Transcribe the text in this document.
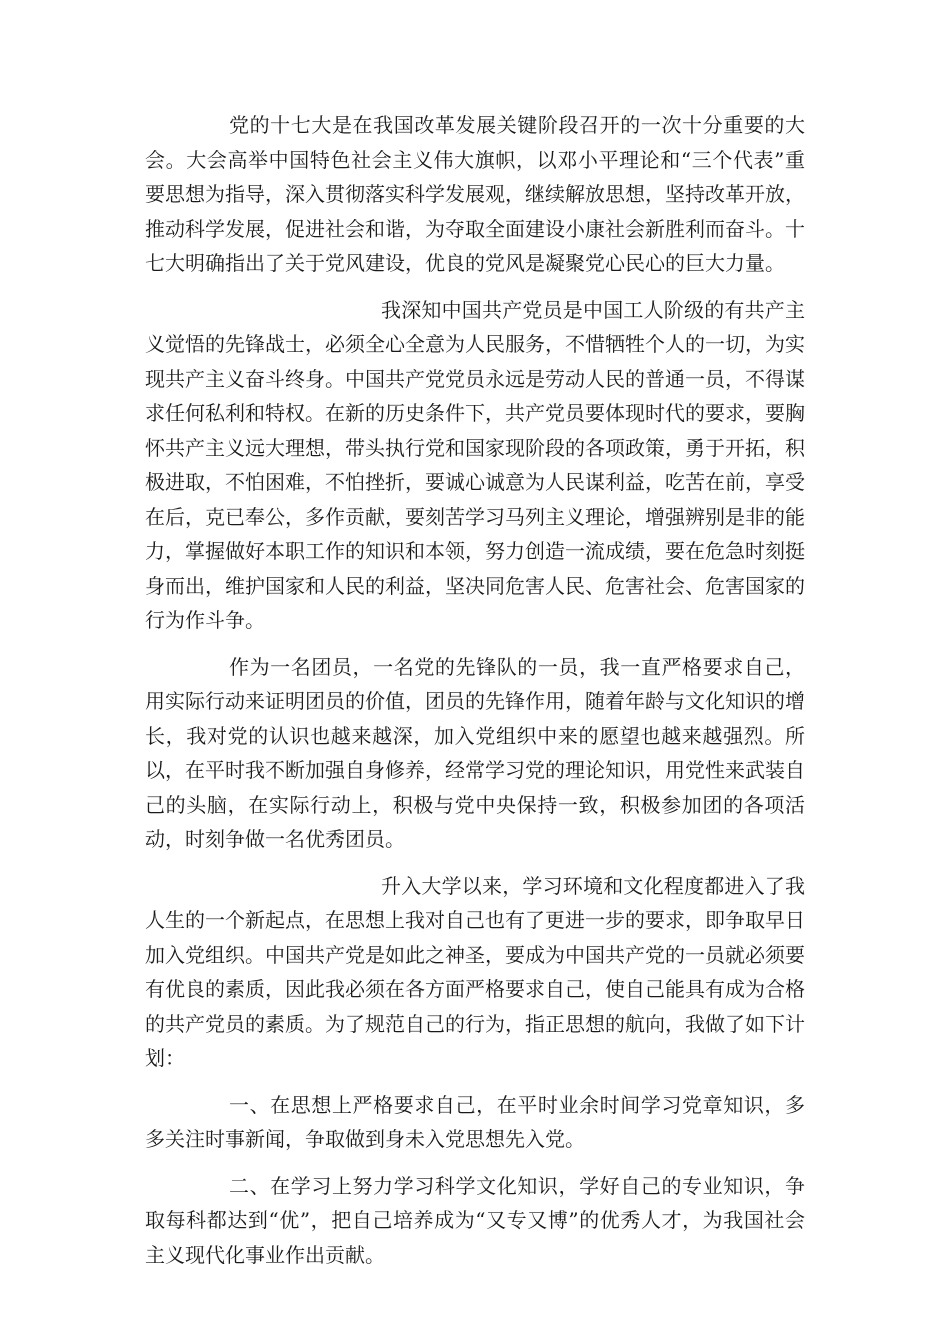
党的十七大是在我国改革发展关键阶段召开的一次十分重要的大会。大会高举中国特色社会主义伟大旗帜，以邓小平理论和“三个代表”重要思想为指导，深入贯彻落实科学发展观，继续解放思想，坚持改革开放，推动科学发展，促进社会和谐，为夺取全面建设小康社会新胜利而奋斗。十七大明确指出了关于党风建设，优良的党风是凝聚党心民心的巨大力量。

我深知中国共产党员是中国工人阶级的有共产主义觉悟的先锋战士，必须全心全意为人民服务，不惜牺牲个人的一切，为实现共产主义奋斗终身。中国共产党党员永远是劳动人民的普通一员，不得谋求任何私利和特权。在新的历史条件下，共产党员要体现时代的要求，要胸怀共产主义远大理想，带头执行党和国家现阶段的各项政策，勇于开拓，积极进取，不怕困难，不怕挫折，要诚心诚意为人民谋利益，吃苦在前，享受在后，克已奉公，多作贡献，要刻苦学习马列主义理论，增强辨别是非的能力，掌握做好本职工作的知识和本领，努力创造一流成绩，要在危急时刻挺身而出，维护国家和人民的利益，坚决同危害人民、危害社会、危害国家的行为作斗争。

作为一名团员，一名党的先锋队的一员，我一直严格要求自己，用实际行动来证明团员的价值，团员的先锋作用，随着年龄与文化知识的增长，我对党的认识也越来越深，加入党组织中来的愿望也越来越强烈。所以，在平时我不断加强自身修养，经常学习党的理论知识，用党性来武装自己的头脑，在实际行动上，积极与党中央保持一致，积极参加团的各项活动，时刻争做一名优秀团员。

升入大学以来，学习环境和文化程度都进入了我人生的一个新起点，在思想上我对自己也有了更进一步的要求，即争取早日加入党组织。中国共产党是如此之神圣，要成为中国共产党的一员就必须要有优良的素质，因此我必须在各方面严格要求自己，使自己能具有成为合格的共产党员的素质。为了规范自己的行为，指正思想的航向，我做了如下计划：

一、在思想上严格要求自己，在平时业余时间学习党章知识，多多关注时事新闻，争取做到身未入党思想先入党。

二、在学习上努力学习科学文化知识，学好自己的专业知识，争取每科都达到“优”，把自己培养成为“又专又博”的优秀人才，为我国社会主义现代化事业作出贡献。
